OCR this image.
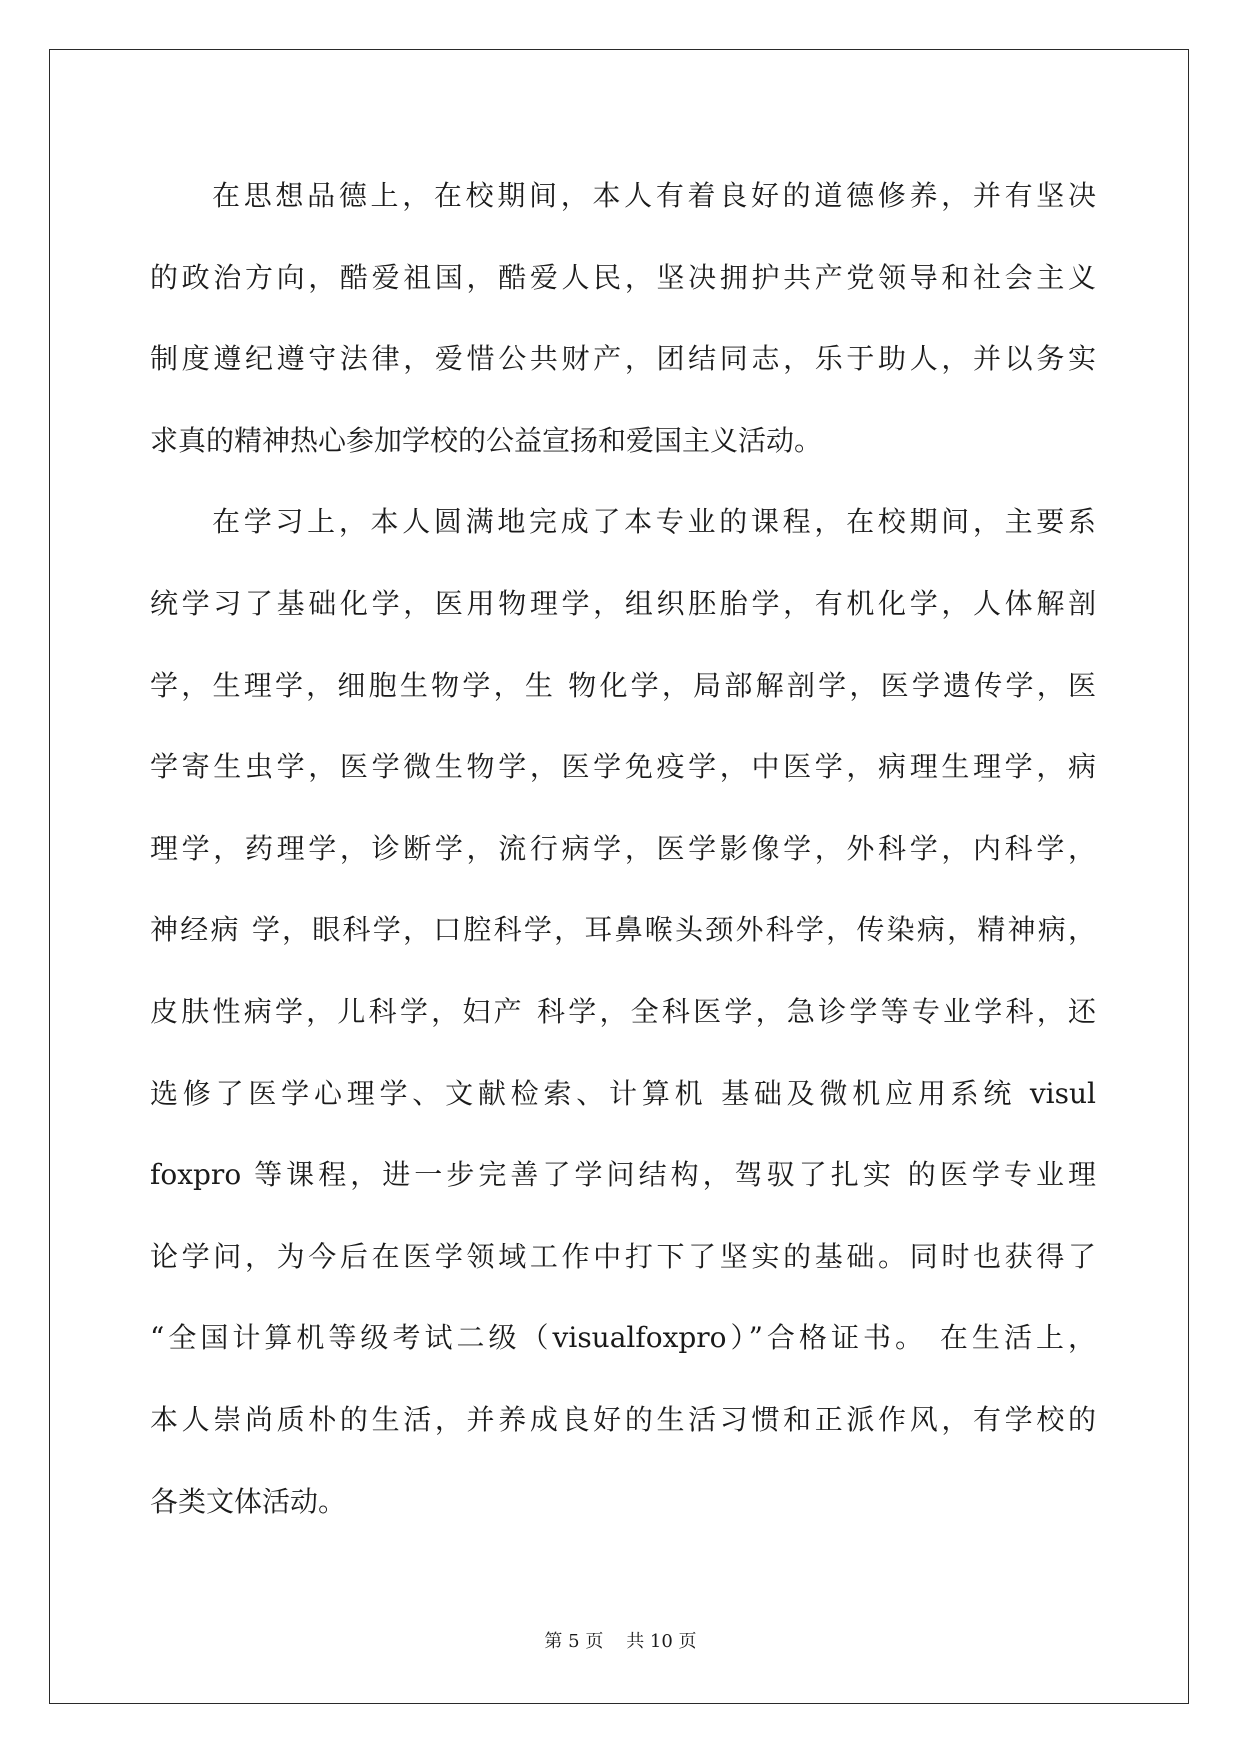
在思想品德上，在校期间，本人有着良好的道德修养，并有坚决
的政治方向，酷爱祖国，酷爱人民，坚决拥护共产党领导和社会主义
制度遵纪遵守法律，爱惜公共财产，团结同志，乐于助人，并以务实
求真的精神热心参加学校的公益宣扬和爱国主义活动。
在学习上，本人圆满地完成了本专业的课程，在校期间，主要系
统学习了基础化学，医用物理学，组织胚胎学，有机化学，人体解剖
学，生理学，细胞生物学，生 物化学，局部解剖学，医学遗传学，医
学寄生虫学，医学微生物学，医学免疫学，中医学，病理生理学，病
理学，药理学，诊断学，流行病学，医学影像学，外科学，内科学，
神经病 学，眼科学，口腔科学，耳鼻喉头颈外科学，传染病，精神病，
皮肤性病学，儿科学，妇产 科学，全科医学，急诊学等专业学科，还
选修了医学心理学、文献检索、计算机 基础及微机应用系统 visul
foxpro 等课程，进一步完善了学问结构，驾驭了扎实 的医学专业理
论学问，为今后在医学领域工作中打下了坚实的基础。同时也获得了
“全国计算机等级考试二级（visualfoxpro）”合格证书。 在生活上，
本人崇尚质朴的生活，并养成良好的生活习惯和正派作风，有学校的
各类文体活动。
第 5 页    共 10 页
